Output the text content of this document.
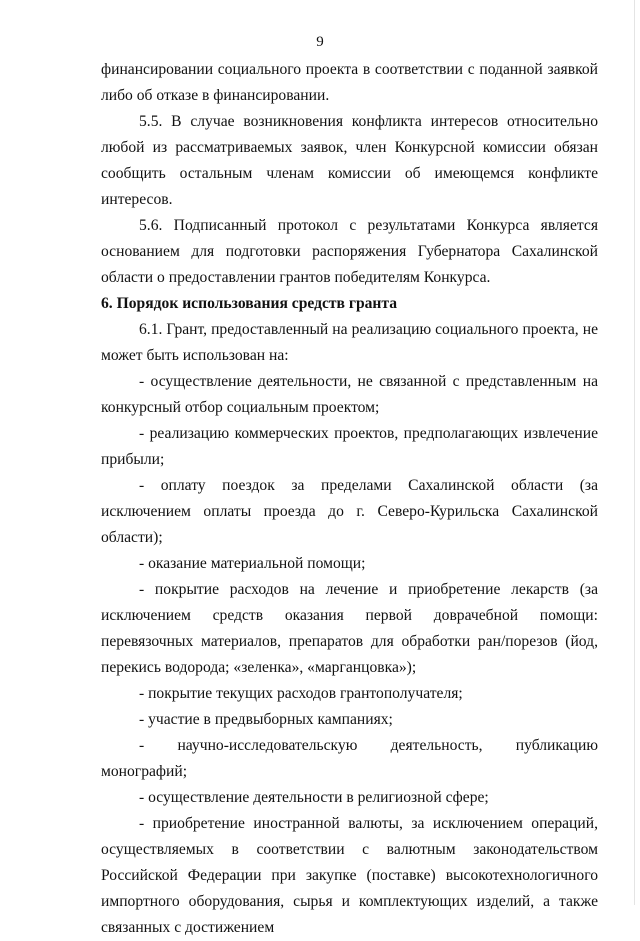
9

финансировании социального проекта в соответствии с поданной заявкой либо об отказе в финансировании.

5.5. В случае возникновения конфликта интересов относительно любой из рассматриваемых заявок, член Конкурсной комиссии обязан сообщить остальным членам комиссии об имеющемся конфликте интересов.

5.6. Подписанный протокол с результатами Конкурса является основанием для подготовки распоряжения Губернатора Сахалинской области о предоставлении грантов победителям Конкурса.

6. Порядок использования средств гранта

6.1. Грант, предоставленный на реализацию социального проекта, не может быть использован на:

- осуществление деятельности, не связанной с представленным на конкурсный отбор социальным проектом;

- реализацию коммерческих проектов, предполагающих извлечение прибыли;

- оплату поездок за пределами Сахалинской области (за исключением оплаты проезда до г. Северо-Курильска Сахалинской области);

- оказание материальной помощи;

- покрытие расходов на лечение и приобретение лекарств (за исключением средств оказания первой доврачебной помощи: перевязочных материалов, препаратов для обработки ран/порезов (йод, перекись водорода; «зеленка», «марганцовка»);

- покрытие текущих расходов грантополучателя;

- участие в предвыборных кампаниях;

- научно-исследовательскую деятельность, публикацию монографий;

- осуществление деятельности в религиозной сфере;

- приобретение иностранной валюты, за исключением операций, осуществляемых в соответствии с валютным законодательством Российской Федерации при закупке (поставке) высокотехнологичного импортного оборудования, сырья и комплектующих изделий, а также связанных с достижением
